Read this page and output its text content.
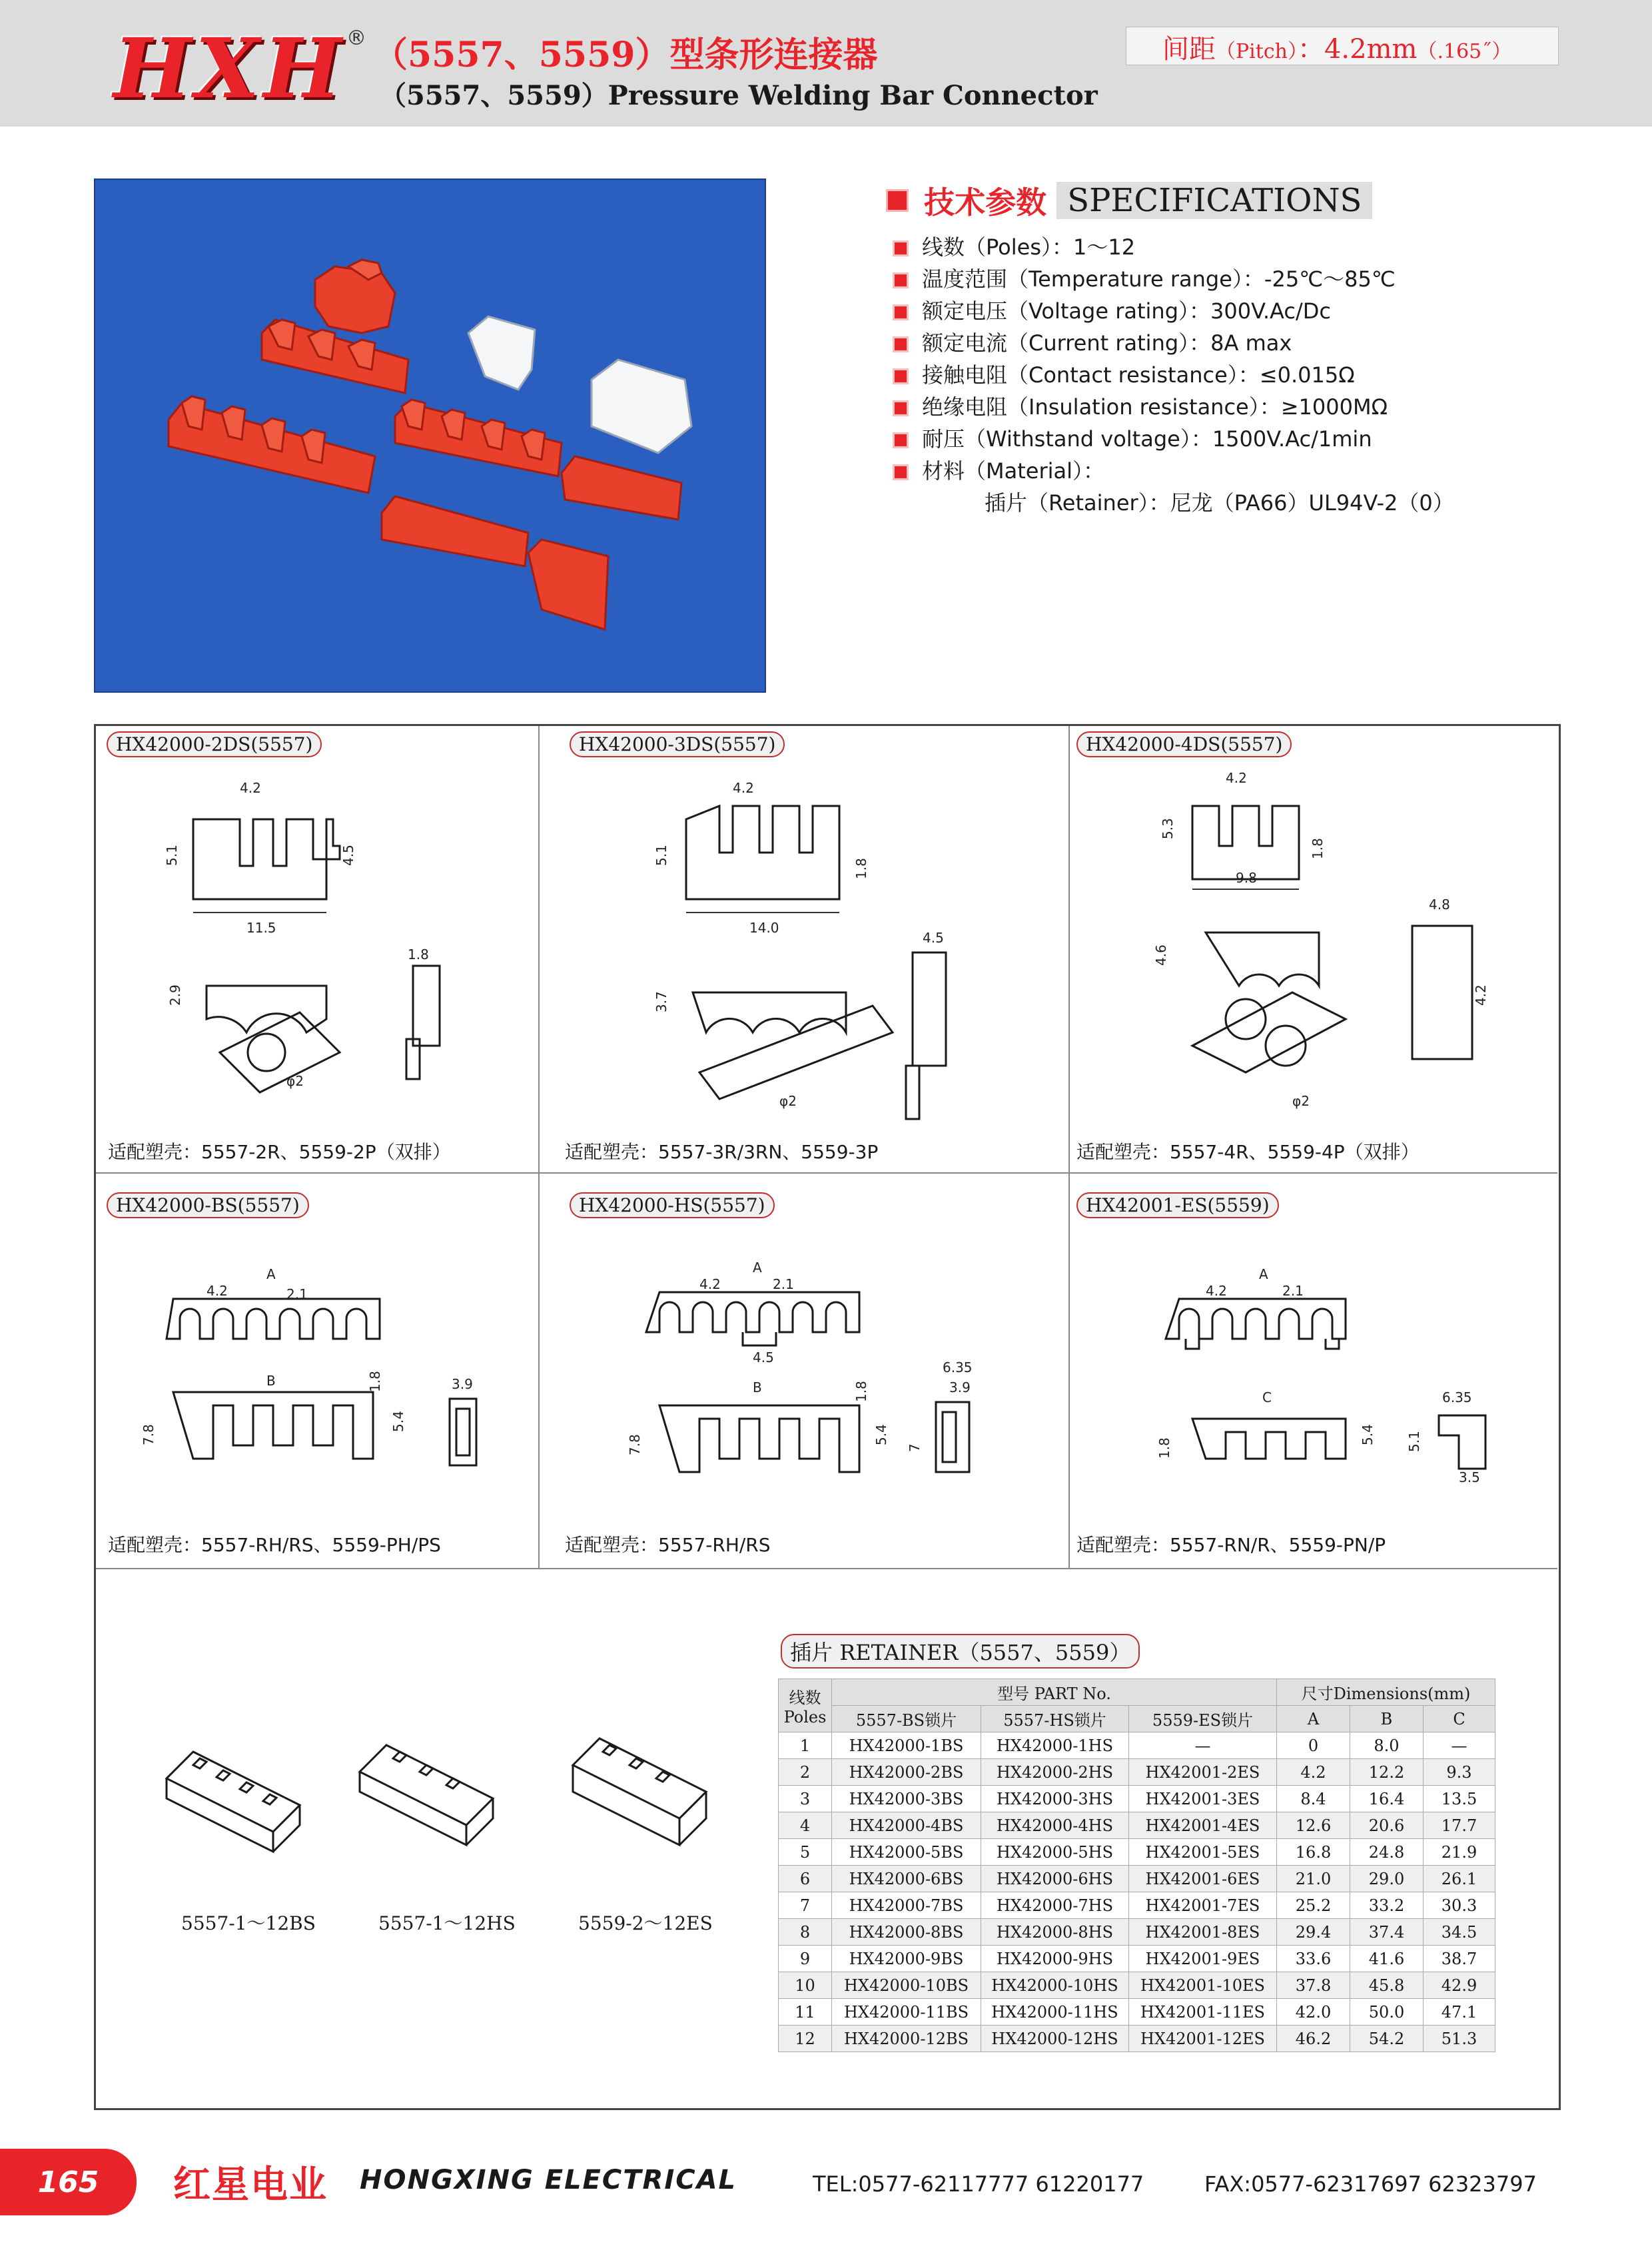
HXH ® （5557、5559）型条形连接器
（5557、5559）Pressure Welding Bar Connector
间距（Pitch）：4.2mm（.165˝）
技术参数 SPECIFICATIONS
线数（Poles）：1～12
温度范围（Temperature range）：-25℃～85℃
额定电压（Voltage rating）：300V.Ac/Dc
额定电流（Current rating）：8A max
接触电阻（Contact resistance）：≤0.015Ω
绝缘电阻（Insulation resistance）：≥1000MΩ
耐压（Withstand voltage）：1500V.Ac/1min
材料（Material）：
插片（Retainer）：尼龙（PA66）UL94V-2（0）
HX42000-2DS(5557)
11.5
4.2
5.1	4.5
φ2
2.9
1.8
适配塑壳：5557-2R、5559-2P（双排）
HX42000-3DS(5557)
14.0
4.2
5.1
1.8
φ2
3.7
4.5
适配塑壳：5557-3R/3RN、5559-3P
HX42000-4DS(5557)
9.8
4.2
5.3
1.8
φ2
4.6
4.8
4.2
适配塑壳：5557-4R、5559-4P（双排）
HX42000-BS(5557)
A
4.2	2.1
B	1.8
7.8
5.4
3.9
适配塑壳：5557-RH/RS、5559-PH/PS
HX42000-HS(5557)
A
4.2	2.1
4.5
B	1.8
7.8	5.4
6.35
3.9
7
适配塑壳：5557-RH/RS
HX42001-ES(5559)
A
4.2	2.1
C
1.8
5.4
6.35
5.1
3.5
适配塑壳：5557-RN/R、5559-PN/P
5557-1～12BS	5557-1～12HS	5559-2～12ES
插片 RETAINER（5557、5559）
线数
Poles	型号 PART No.			尺寸Dimensions(mm)		
	5557-BS锁片	5557-HS锁片	5559-ES锁片	A	B	C
1	HX42000-1BS	HX42000-1HS	—	0	8.0	—
2	HX42000-2BS	HX42000-2HS	HX42001-2ES	4.2	12.2	9.3
3	HX42000-3BS	HX42000-3HS	HX42001-3ES	8.4	16.4	13.5
4	HX42000-4BS	HX42000-4HS	HX42001-4ES	12.6	20.6	17.7
5	HX42000-5BS	HX42000-5HS	HX42001-5ES	16.8	24.8	21.9
6	HX42000-6BS	HX42000-6HS	HX42001-6ES	21.0	29.0	26.1
7	HX42000-7BS	HX42000-7HS	HX42001-7ES	25.2	33.2	30.3
8	HX42000-8BS	HX42000-8HS	HX42001-8ES	29.4	37.4	34.5
9	HX42000-9BS	HX42000-9HS	HX42001-9ES	33.6	41.6	38.7
10	HX42000-10BS	HX42000-10HS	HX42001-10ES	37.8	45.8	42.9
11	HX42000-11BS	HX42000-11HS	HX42001-11ES	42.0	50.0	47.1
12	HX42000-12BS	HX42000-12HS	HX42001-12ES	46.2	54.2	51.3
165	红星电业 HONGXING ELECTRICAL	TEL:0577-62117777 61220177	FAX:0577-62317697 62323797
